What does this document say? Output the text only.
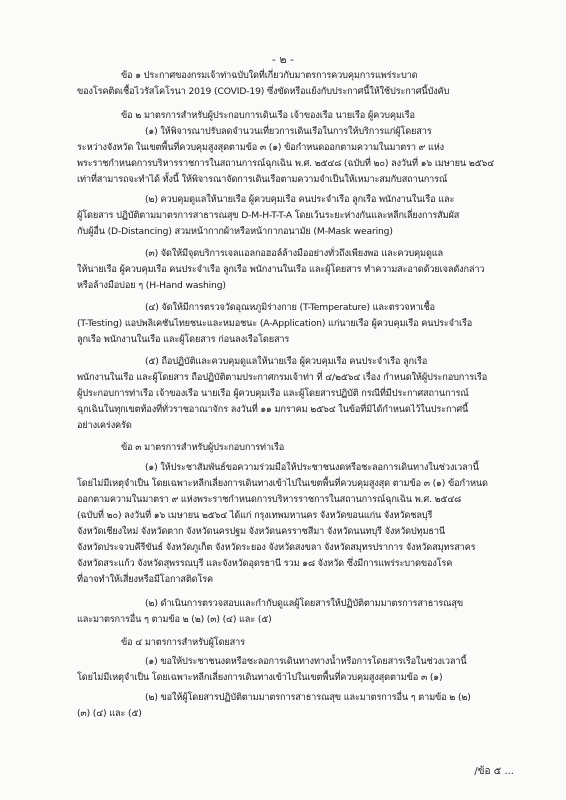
- ๒ -
ข้อ ๑ ประกาศของกรมเจ้าท่าฉบับใดที่เกี่ยวกับมาตรการควบคุมการแพร่ระบาด
ของโรคติดเชื้อไวรัสโคโรนา 2019 (COVID-19) ซึ่งขัดหรือแย้งกับประกาศนี้ให้ใช้ประกาศนี้บังคับ
ข้อ ๒ มาตรการสำหรับผู้ประกอบการเดินเรือ เจ้าของเรือ นายเรือ ผู้ควบคุมเรือ
(๑) ให้พิจารณาปรับลดจำนวนเที่ยวการเดินเรือในการให้บริการแก่ผู้โดยสาร
ระหว่างจังหวัด ในเขตพื้นที่ควบคุมสูงสุดตามข้อ ๓ (๑) ข้อกำหนดออกตามความในมาตรา ๙ แห่ง
พระราชกำหนดการบริหารราชการในสถานการณ์ฉุกเฉิน พ.ศ. ๒๕๔๘ (ฉบับที่ ๒๐) ลงวันที่ ๑๖ เมษายน ๒๕๖๔
เท่าที่สามารถจะทำได้ ทั้งนี้ ให้พิจารณาจัดการเดินเรือตามความจำเป็นให้เหมาะสมกับสถานการณ์
(๒) ควบคุมดูแลให้นายเรือ ผู้ควบคุมเรือ คนประจำเรือ ลูกเรือ พนักงานในเรือ และ
ผู้โดยสาร ปฏิบัติตามมาตรการสาธารณสุข D-M-H-T-T-A โดยเว้นระยะห่างกันและหลีกเลี่ยงการสัมผัส
กับผู้อื่น (D-Distancing) สวมหน้ากากผ้าหรือหน้ากากอนามัย (M-Mask wearing)
(๓) จัดให้มีจุดบริการเจลแอลกอฮอล์ล้างมืออย่างทั่วถึงเพียงพอ และควบคุมดูแล
ให้นายเรือ ผู้ควบคุมเรือ คนประจำเรือ ลูกเรือ พนักงานในเรือ และผู้โดยสาร ทำความสะอาดด้วยเจลดังกล่าว
หรือล้างมือบ่อย ๆ (H-Hand washing)
(๔) จัดให้มีการตรวจวัดอุณหภูมิร่างกาย (T-Temperature) และตรวจหาเชื้อ
(T-Testing) แอปพลิเคชันไทยชนะและหมอชนะ (A-Application) แก่นายเรือ ผู้ควบคุมเรือ คนประจำเรือ
ลูกเรือ พนักงานในเรือ และผู้โดยสาร ก่อนลงเรือโดยสาร
(๕) ถือปฏิบัติและควบคุมดูแลให้นายเรือ ผู้ควบคุมเรือ คนประจำเรือ ลูกเรือ
พนักงานในเรือ และผู้โดยสาร ถือปฏิบัติตามประกาศกรมเจ้าท่า ที่ ๔/๒๕๖๔ เรื่อง กำหนดให้ผู้ประกอบการเรือ
ผู้ประกอบการท่าเรือ เจ้าของเรือ นายเรือ ผู้ควบคุมเรือ และผู้โดยสารปฏิบัติ กรณีที่มีประกาศสถานการณ์
ฉุกเฉินในทุกเขตท้องที่ทั่วราชอาณาจักร ลงวันที่ ๑๑ มกราคม ๒๕๖๔ ในข้อที่มิได้กำหนดไว้ในประกาศนี้
อย่างเคร่งครัด
ข้อ ๓ มาตรการสำหรับผู้ประกอบการท่าเรือ
(๑) ให้ประชาสัมพันธ์ขอความร่วมมือให้ประชาชนงดหรือชะลอการเดินทางในช่วงเวลานี้
โดยไม่มีเหตุจำเป็น โดยเฉพาะหลีกเลี่ยงการเดินทางเข้าไปในเขตพื้นที่ควบคุมสูงสุด ตามข้อ ๓ (๑) ข้อกำหนด
ออกตามความในมาตรา ๙ แห่งพระราชกำหนดการบริหารราชการในสถานการณ์ฉุกเฉิน พ.ศ. ๒๕๔๘
(ฉบับที่ ๒๐) ลงวันที่ ๑๖ เมษายน ๒๕๖๔ ได้แก่ กรุงเทพมหานคร จังหวัดขอนแก่น จังหวัดชลบุรี
จังหวัดเชียงใหม่ จังหวัดตาก จังหวัดนครปฐม จังหวัดนครราชสีมา จังหวัดนนทบุรี จังหวัดปทุมธานี
จังหวัดประจวบคีรีขันธ์ จังหวัดภูเก็ต จังหวัดระยอง จังหวัดสงขลา จังหวัดสมุทรปราการ จังหวัดสมุทรสาคร
จังหวัดสระแก้ว จังหวัดสุพรรณบุรี และจังหวัดอุดรธานี รวม ๑๘ จังหวัด ซึ่งมีการแพร่ระบาดของโรค
ที่อาจทำให้เสี่ยงหรือมีโอกาสติดโรค
(๒) ดำเนินการตรวจสอบและกำกับดูแลผู้โดยสารให้ปฏิบัติตามมาตรการสาธารณสุข
และมาตรการอื่น ๆ ตามข้อ ๒ (๒) (๓) (๔) และ (๕)
ข้อ ๔ มาตรการสำหรับผู้โดยสาร
(๑) ขอให้ประชาชนงดหรือชะลอการเดินทางทางน้ำหรือการโดยสารเรือในช่วงเวลานี้
โดยไม่มีเหตุจำเป็น โดยเฉพาะหลีกเลี่ยงการเดินทางเข้าไปในเขตพื้นที่ควบคุมสูงสุดตามข้อ ๓ (๑)
(๒) ขอให้ผู้โดยสารปฏิบัติตามมาตรการสาธารณสุข และมาตรการอื่น ๆ ตามข้อ ๒ (๒)
(๓) (๔) และ (๕)
/ข้อ ๕ ...
